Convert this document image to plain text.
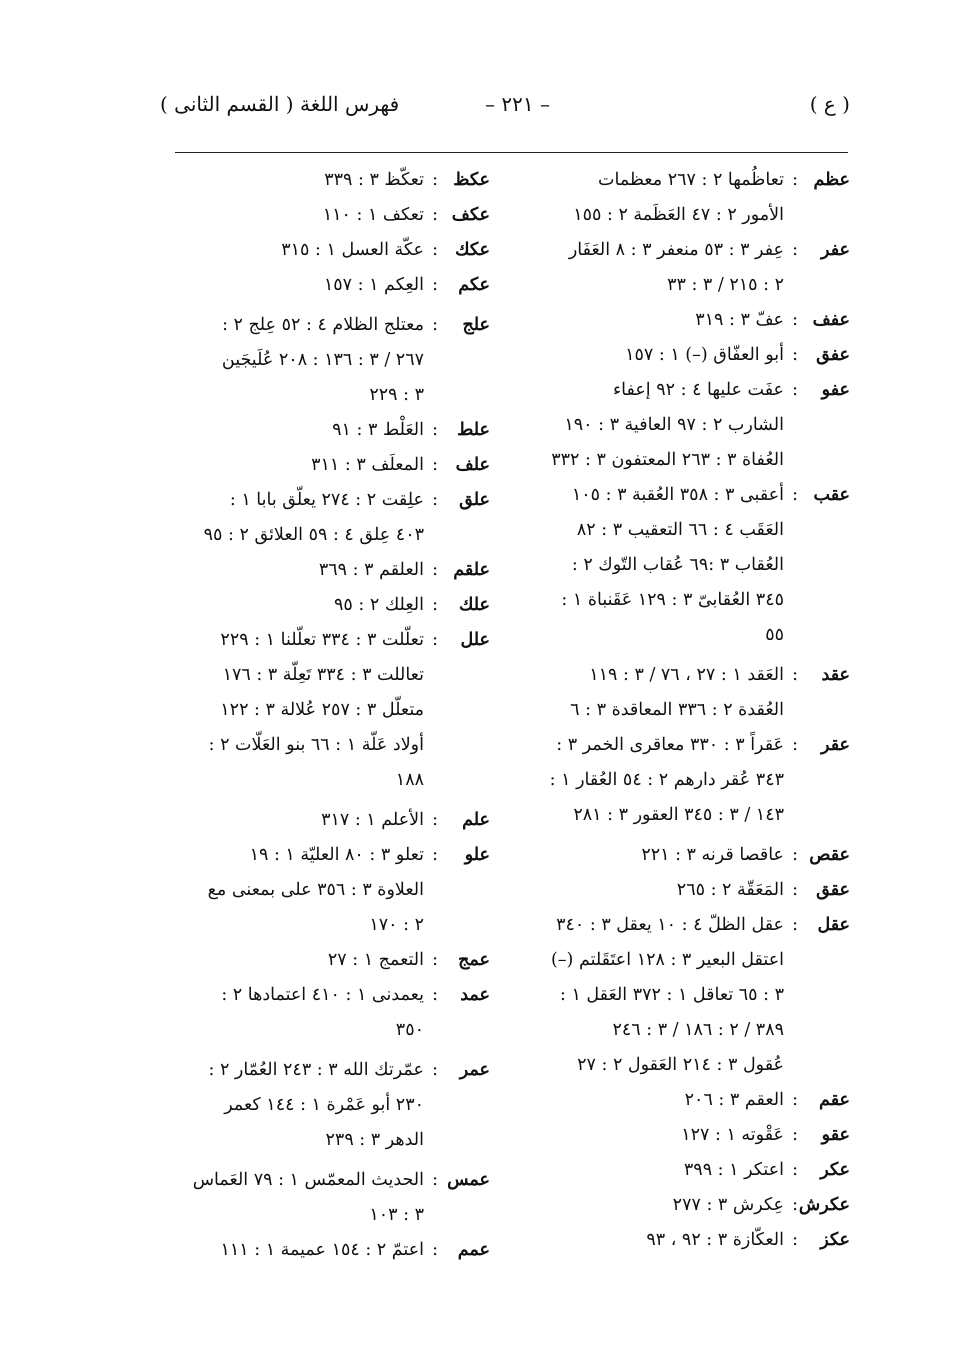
( ع )
– ٢٢١ –
فهرس اللغة ( القسم الثانى )
عظم:تعاظُمها ٢ : ٢٦٧ معظمات
الأمور ٢ : ٤٧ العَظَمة ٢ : ١٥٥
عفر:عِفر ٣ : ٥٣ منعفر ٣ : ٨ العَفَار
٢ : ٢١٥ / ٣ : ٣٣
عفف:عفّ ٣ : ٣١٩
عفق:أبو العفّاق (–) ١ : ١٥٧
عفو:عفَت عليها ٤ : ٩٢ إعفاء
الشارب ٢ : ٩٧ العافية ٣ : ١٩٠
العُفاة ٣ : ٢٦٣ المعتفون ٣ : ٣٣٢
عقب:أعقبى ٣ : ٣٥٨ العُقبة ٣ : ١٠٥
العَقَب ٤ : ٦٦ التعقيب ٣ : ٨٢
العُقاب ٣ :٦٩ عُقاب التّوك ٢ :
٣٤٥ العُقابىّ ٣ : ١٢٩ عَقَنباة ١ :
٥٥
عقد:العَقد ١ : ٢٧ ، ٧٦ / ٣ : ١١٩
العُقدة ٢ : ٣٣٦ المعاقدة ٣ : ٦
عقر:عَقراً ٣ : ٣٣٠ معاقرى الخمر ٣ :
٣٤٣ عُقر دارهم ٢ : ٥٤ العُقار ١ :
١٤٣ / ٣ : ٣٤٥ العقور ٣ : ٢٨١
عقص:عاقصا قرنه ٣ : ٢٢١
عقق:المَعَقّة ٢ : ٢٦٥
عقل:عقل الظلّ ٤ : ١٠ يعقل ٣ : ٣٤٠
اعتقل البعير ٣ : ١٢٨ اعتَقَلتم (–)
٣ : ٦٥ تعاقل ١ : ٣٧٢ العَقل ١ :
٣٨٩ / ٢ : ١٨٦ / ٣ : ٢٤٦
عُقول ٣ : ٢١٤ العَقول ٢ : ٢٧
عقم:العقم ٣ : ٢٠٦
عقو:عَقْوته ١ : ١٢٧
عكر:اعتكر ١ : ٣٩٩
عكرش:عِكرش ٣ : ٢٧٧
عكز:العكّازة ٣ : ٩٢ ، ٩٣
عكظ:تعكّظ ٣ : ٣٣٩
عكف:تعكف ١ : ١١٠
عكك:عكّة العسل ١ : ٣١٥
عكم:العِكم ١ : ١٥٧
علج:معتلج الظلام ٤ : ٥٢ عِلج ٢ :
٢٦٧ / ٣ : ١٣٦ : ٢٠٨ عُلَيجَين
٣ : ٢٢٩
علط:العَلْط ٣ : ٩١
علف:المعلَف ٣ : ٣١١
علق:علِقت ٢ : ٢٧٤ يعلّق بابا ١ :
٤٠٣ عِلق ٤ : ٥٩ العلائق ٢ : ٩٥
علقم:العلقم ٣ : ٣٦٩
علك:العِلك ٢ : ٩٥
علل:تعلّلت ٣ : ٣٣٤ تعلّلنا ١ : ٢٢٩
تعاللت ٣ : ٣٣٤ تَعِلّة ٣ : ١٧٦
متعلّل ٣ : ٢٥٧ عُلالة ٣ : ١٢٢
أولاد عَلّة ١ : ٦٦ بنو العَلّات ٢ :
١٨٨
علم:الأعلم ١ : ٣١٧
علو:تعلو ٣ : ٨٠ العليّة ١ : ١٩
العلاوة ٣ : ٣٥٦ على بمعنى مع
٢ : ١٧٠
عمج:التعمج ١ : ٢٧
عمد:يعمدنى ١ : ٤١٠ اعتمادها ٢ :
٣٥٠
عمر:عمّرتك الله ٣ : ٢٤٣ العُمّار ٢ :
٢٣٠ أبو عَمْرة ١ : ١٤٤ كعمر
الدهر ٣ : ٢٣٩
عمس:الحديث المعمّس ١ : ٧٩ العَماس
٣ : ١٠٣
عمم:اعتمّ ٢ : ١٥٤ عميمة ١ : ١١١
